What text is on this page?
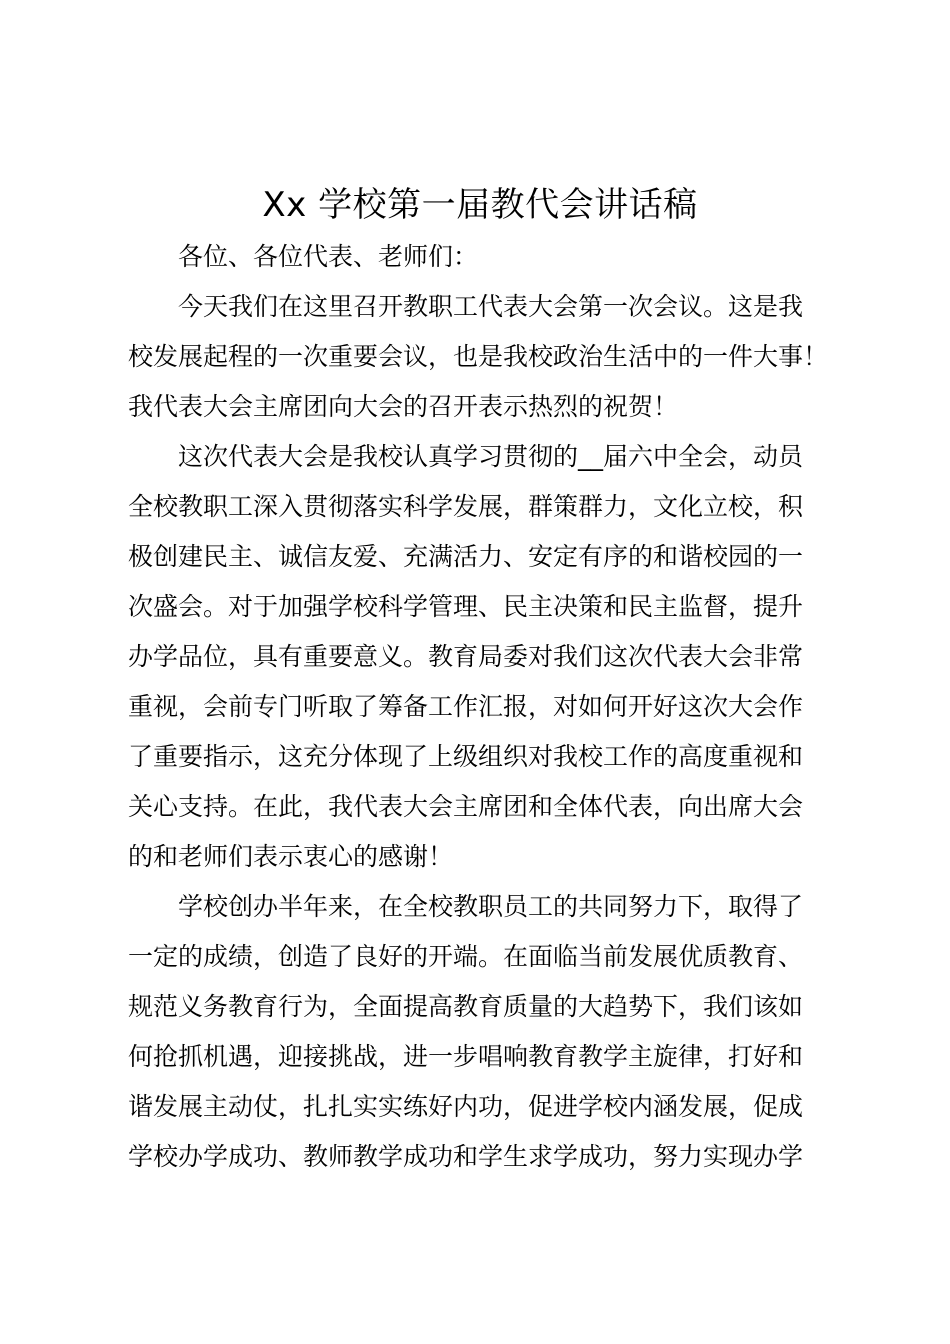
Xx 学校第一届教代会讲话稿
各位、各位代表、老师们：
今天我们在这里召开教职工代表大会第一次会议。这是我
校发展起程的一次重要会议，也是我校政治生活中的一件大事！
我代表大会主席团向大会的召开表示热烈的祝贺！
这次代表大会是我校认真学习贯彻的__届六中全会，动员
全校教职工深入贯彻落实科学发展，群策群力，文化立校，积
极创建民主、诚信友爱、充满活力、安定有序的和谐校园的一
次盛会。对于加强学校科学管理、民主决策和民主监督，提升
办学品位，具有重要意义。教育局委对我们这次代表大会非常
重视，会前专门听取了筹备工作汇报，对如何开好这次大会作
了重要指示，这充分体现了上级组织对我校工作的高度重视和
关心支持。在此，我代表大会主席团和全体代表，向出席大会
的和老师们表示衷心的感谢！
学校创办半年来，在全校教职员工的共同努力下，取得了
一定的成绩，创造了良好的开端。在面临当前发展优质教育、
规范义务教育行为，全面提高教育质量的大趋势下，我们该如
何抢抓机遇，迎接挑战，进一步唱响教育教学主旋律，打好和
谐发展主动仗，扎扎实实练好内功，促进学校内涵发展，促成
学校办学成功、教师教学成功和学生求学成功，努力实现办学
